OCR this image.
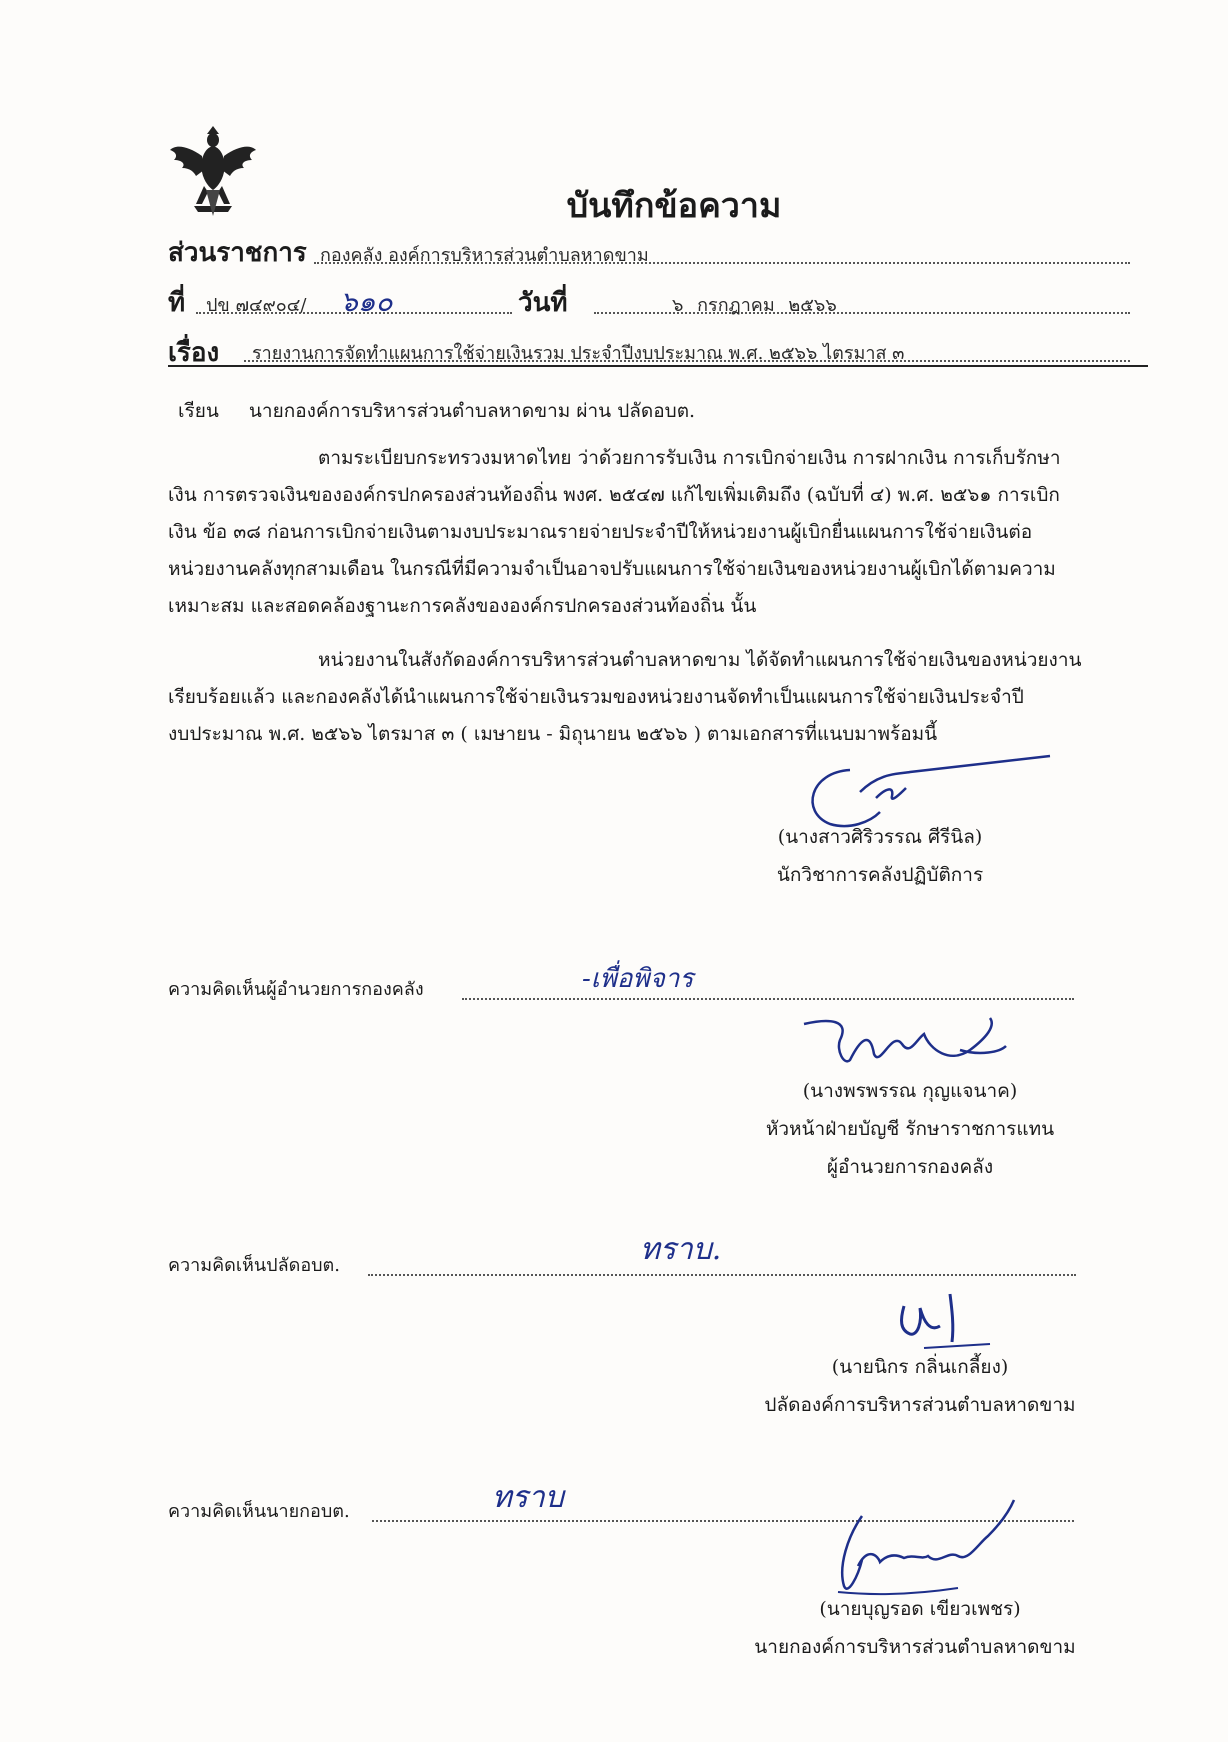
บันทึกข้อความ
ส่วนราชการ กองคลัง องค์การบริหารส่วนตำบลหาดขาม
ที่ ปข ๗๔๙๐๔/ ๖๑๐	วันที่	๖ กรกฎาคม ๒๕๖๖
เรื่อง รายงานการจัดทำแผนการใช้จ่ายเงินรวม ประจำปีงบประมาณ พ.ศ. ๒๕๖๖ ไตรมาส ๓
เรียน นายกองค์การบริหารส่วนตำบลหาดขาม ผ่าน ปลัดอบต.
ตามระเบียบกระทรวงมหาดไทย ว่าด้วยการรับเงิน การเบิกจ่ายเงิน การฝากเงิน การเก็บรักษา
เงิน การตรวจเงินขององค์กรปกครองส่วนท้องถิ่น พงศ. ๒๕๔๗ แก้ไขเพิ่มเติมถึง (ฉบับที่ ๔) พ.ศ. ๒๕๖๑ การเบิก
เงิน ข้อ ๓๘ ก่อนการเบิกจ่ายเงินตามงบประมาณรายจ่ายประจำปีให้หน่วยงานผู้เบิกยื่นแผนการใช้จ่ายเงินต่อ
หน่วยงานคลังทุกสามเดือน ในกรณีที่มีความจำเป็นอาจปรับแผนการใช้จ่ายเงินของหน่วยงานผู้เบิกได้ตามความ
เหมาะสม และสอดคล้องฐานะการคลังขององค์กรปกครองส่วนท้องถิ่น นั้น
หน่วยงานในสังกัดองค์การบริหารส่วนตำบลหาดขาม ได้จัดทำแผนการใช้จ่ายเงินของหน่วยงาน
เรียบร้อยแล้ว และกองคลังได้นำแผนการใช้จ่ายเงินรวมของหน่วยงานจัดทำเป็นแผนการใช้จ่ายเงินประจำปี
งบประมาณ พ.ศ. ๒๕๖๖ ไตรมาส ๓ ( เมษายน - มิถุนายน ๒๕๖๖ ) ตามเอกสารที่แนบมาพร้อมนี้
(นางสาวศิริวรรณ ศีรีนิล)
นักวิชาการคลังปฏิบัติการ
ความคิดเห็นผู้อำนวยการกองคลัง	-เพื่อพิจาร
(นางพรพรรณ กุญแจนาค)
หัวหน้าฝ่ายบัญชี รักษาราชการแทน
ผู้อำนวยการกองคลัง
ความคิดเห็นปลัดอบต.	ทราบ.
(นายนิกร กลิ่นเกลี้ยง)
ปลัดองค์การบริหารส่วนตำบลหาดขาม
ความคิดเห็นนายกอบต.	ทราบ
(นายบุญรอด เขียวเพชร)
นายกองค์การบริหารส่วนตำบลหาดขาม
